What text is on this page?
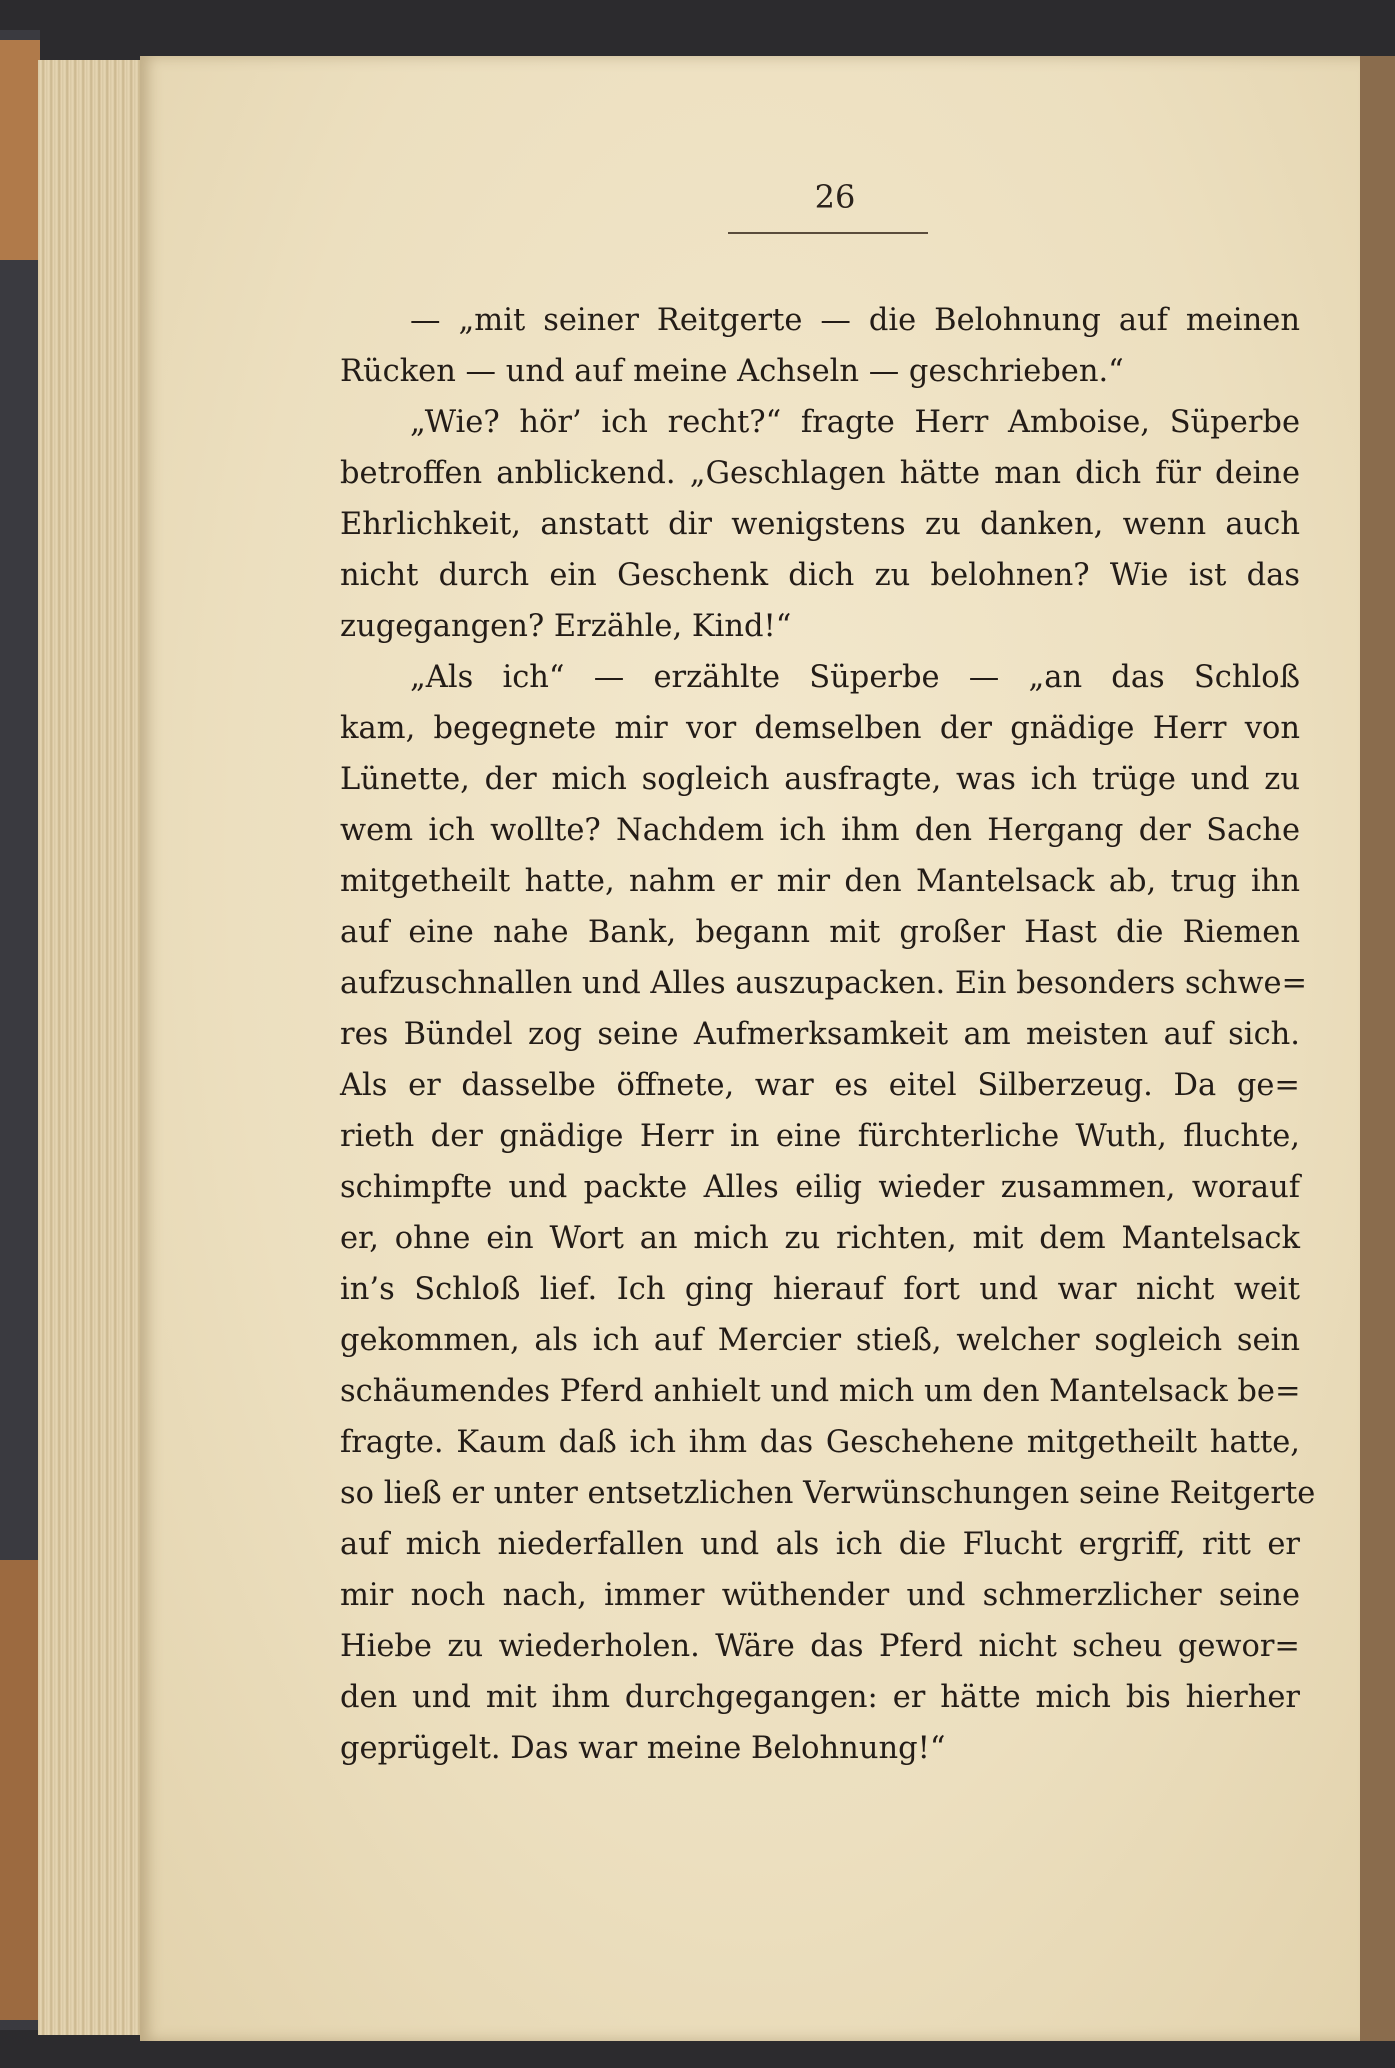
26
— „mit seiner Reitgerte — die Belohnung auf meinen
Rücken — und auf meine Achseln — geschrieben.“
„Wie? hör’ ich recht?“ fragte Herr Amboise, Süperbe
betroffen anblickend. „Geschlagen hätte man dich für deine
Ehrlichkeit, anstatt dir wenigstens zu danken, wenn auch
nicht durch ein Geschenk dich zu belohnen? Wie ist das
zugegangen? Erzähle, Kind!“
„Als ich“ — erzählte Süperbe — „an das Schloß
kam, begegnete mir vor demselben der gnädige Herr von
Lünette, der mich sogleich ausfragte, was ich trüge und zu
wem ich wollte? Nachdem ich ihm den Hergang der Sache
mitgetheilt hatte, nahm er mir den Mantelsack ab, trug ihn
auf eine nahe Bank, begann mit großer Hast die Riemen
aufzuschnallen und Alles auszupacken. Ein besonders schwe=
res Bündel zog seine Aufmerksamkeit am meisten auf sich.
Als er dasselbe öffnete, war es eitel Silberzeug. Da ge=
rieth der gnädige Herr in eine fürchterliche Wuth, fluchte,
schimpfte und packte Alles eilig wieder zusammen, worauf
er, ohne ein Wort an mich zu richten, mit dem Mantelsack
in’s Schloß lief. Ich ging hierauf fort und war nicht weit
gekommen, als ich auf Mercier stieß, welcher sogleich sein
schäumendes Pferd anhielt und mich um den Mantelsack be=
fragte. Kaum daß ich ihm das Geschehene mitgetheilt hatte,
so ließ er unter entsetzlichen Verwünschungen seine Reitgerte
auf mich niederfallen und als ich die Flucht ergriff, ritt er
mir noch nach, immer wüthender und schmerzlicher seine
Hiebe zu wiederholen. Wäre das Pferd nicht scheu gewor=
den und mit ihm durchgegangen: er hätte mich bis hierher
geprügelt. Das war meine Belohnung!“
